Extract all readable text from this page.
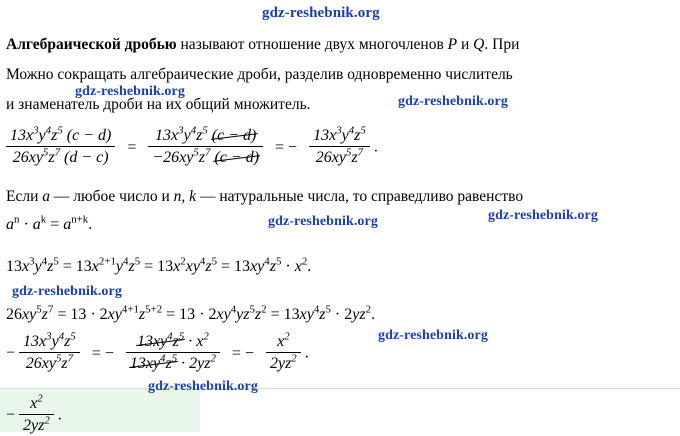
gdz-reshebnik.org
Алгебраической дробью называют отношение двух многочленов P и Q. При
Можно сокращать алгебраические дроби, разделив одновременно числитель
и знаменатель дроби на их общий множитель.
gdz-reshebnik.org
gdz-reshebnik.org
$\frac{13x^3y^4z^5 (c - d)}{26xy^5z^7 (d - c)} = \frac{13x^3y^4z^5 (c - d)}{-26xy^5z^7 (c - d)}$ = − $\frac{13x^3y^4z^5}{26xy^5z^7}$ .
Если a — любое число и n, k — натуральные числа, то справедливо равенство
$a^n \cdot a^k = a^{n+k}$.	gdz-reshebnik.org	gdz-reshebnik.org
$13x^3y^4z^5 = 13x^{2+1}y^4z^5 = 13x^2xy^4z^5 = 13xy^4z^5 \cdot x^2$.
gdz-reshebnik.org
$26xy^5z^7 = 13 \cdot 2xy^{4+1}z^{5+2} = 13 \cdot 2xy^4yz^5z^2 = 13xy^4z^5 \cdot 2yz^2$.
− $\frac{13x^3y^4z^5}{26xy^5z^7}$ = − $\frac{13xy^4z^5 \cdot x^2}{13xy^4z^5 \cdot 2yz^2}$ = − $\frac{x^2}{2yz^2}$ .
gdz-reshebnik.org
− $\frac{x^2}{2yz^2}$ .
gdz-reshebnik.org
